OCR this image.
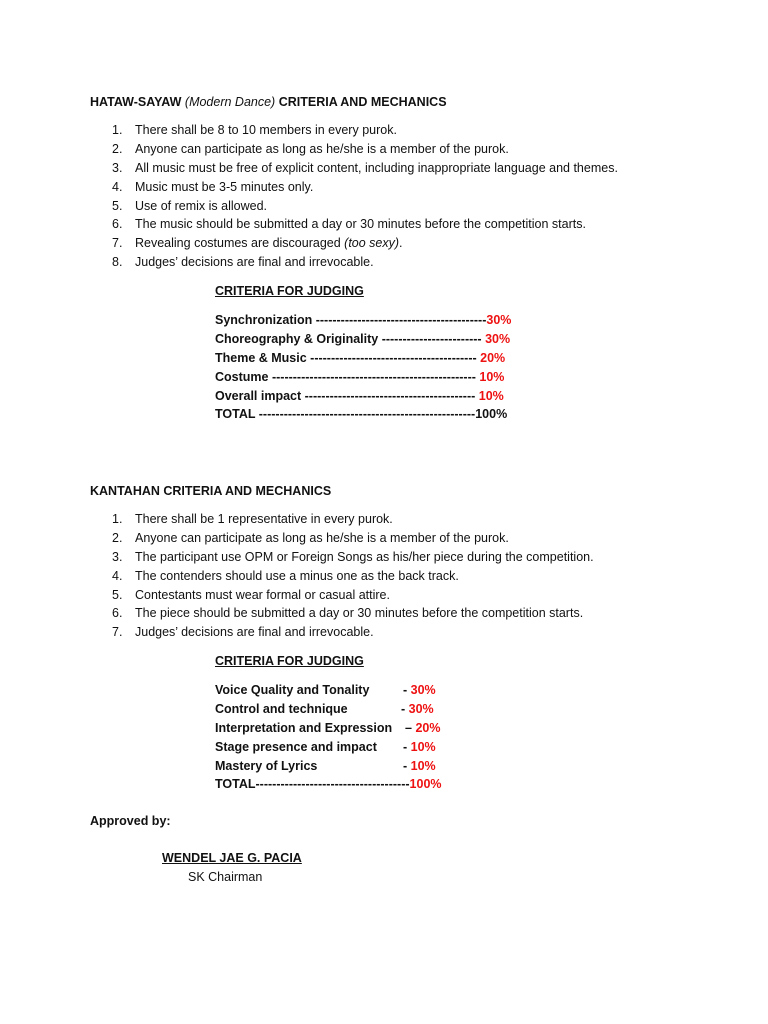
HATAW-SAYAW (Modern Dance) CRITERIA AND MECHANICS
1. There shall be 8 to 10 members in every purok.
2. Anyone can participate as long as he/she is a member of the purok.
3. All music must be free of explicit content, including inappropriate language and themes.
4. Music must be 3-5 minutes only.
5. Use of remix is allowed.
6. The music should be submitted a day or 30 minutes before the competition starts.
7. Revealing costumes are discouraged (too sexy).
8. Judges’ decisions are final and irrevocable.
CRITERIA FOR JUDGING
Synchronization -----------------------------------------30%
Choreography & Originality ------------------------ 30%
Theme & Music ---------------------------------------- 20%
Costume ------------------------------------------------- 10%
Overall impact ----------------------------------------- 10%
TOTAL ----------------------------------------------------100%
KANTAHAN CRITERIA AND MECHANICS
1. There shall be 1 representative in every purok.
2. Anyone can participate as long as he/she is a member of the purok.
3. The participant use OPM or Foreign Songs as his/her piece during the competition.
4. The contenders should use a minus one as the back track.
5. Contestants must wear formal or casual attire.
6. The piece should be submitted a day or 30 minutes before the competition starts.
7. Judges’ decisions are final and irrevocable.
CRITERIA FOR JUDGING
Voice Quality and Tonality	- 30%
Control and technique	- 30%
Interpretation and Expression – 20%
Stage presence and impact - 10%
Mastery of Lyrics	- 10%
TOTAL-------------------------------------100%
Approved by:
WENDEL JAE G. PACIA
SK Chairman
